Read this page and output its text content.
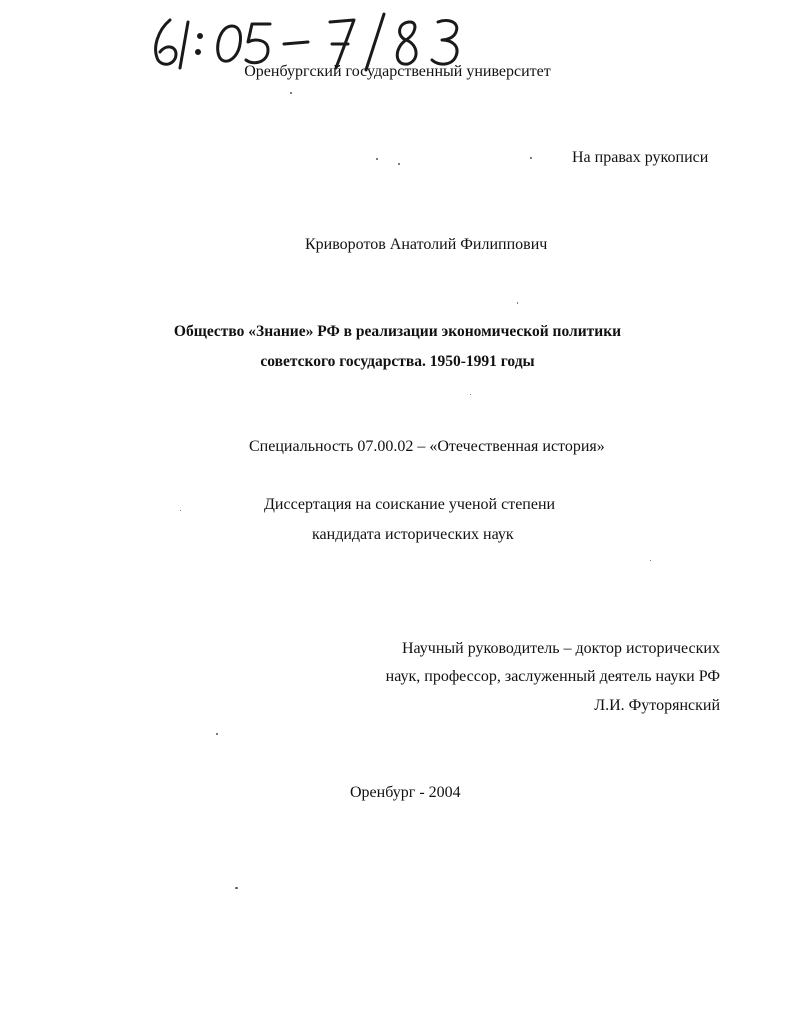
Оренбургский государственный университет
На правах рукописи
Криворотов Анатолий Филиппович
Общество «Знание» РФ в реализации экономической политики
советского государства. 1950-1991 годы
Специальность 07.00.02 – «Отечественная история»
Диссертация на соискание ученой степени
кандидата исторических наук
Научный руководитель – доктор исторических
наук, профессор, заслуженный деятель науки РФ
Л.И. Футорянский
Оренбург - 2004
